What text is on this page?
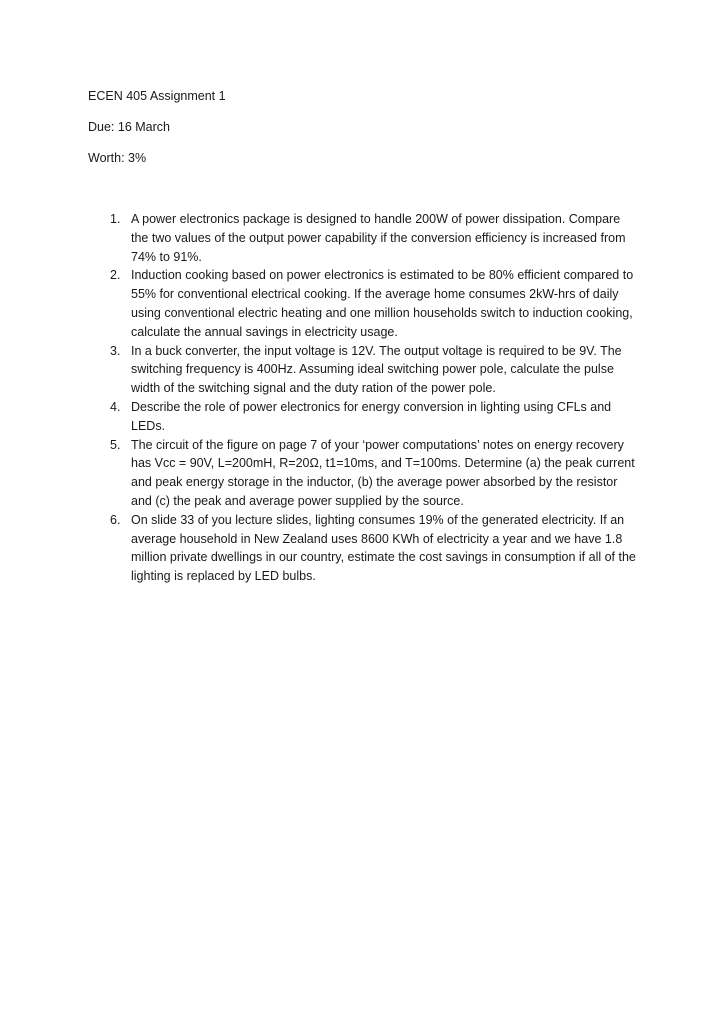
ECEN 405 Assignment 1
Due: 16 March
Worth: 3%
1. A power electronics package is designed to handle 200W of power dissipation. Compare the two values of the output power capability if the conversion efficiency is increased from 74% to 91%.
2. Induction cooking based on power electronics is estimated to be 80% efficient compared to 55% for conventional electrical cooking. If the average home consumes 2kW-hrs of daily using conventional electric heating and one million households switch to induction cooking, calculate the annual savings in electricity usage.
3. In a buck converter, the input voltage is 12V. The output voltage is required to be 9V. The switching frequency is 400Hz. Assuming ideal switching power pole, calculate the pulse width of the switching signal and the duty ration of the power pole.
4. Describe the role of power electronics for energy conversion in lighting using CFLs and LEDs.
5. The circuit of the figure on page 7 of your ‘power computations’ notes on energy recovery has Vcc = 90V, L=200mH, R=20Ω, t1=10ms, and T=100ms. Determine (a) the peak current and peak energy storage in the inductor, (b) the average power absorbed by the resistor and (c) the peak and average power supplied by the source.
6. On slide 33 of you lecture slides, lighting consumes 19% of the generated electricity. If an average household in New Zealand uses 8600 KWh of electricity a year and we have 1.8 million private dwellings in our country, estimate the cost savings in consumption if all of the lighting is replaced by LED bulbs.
